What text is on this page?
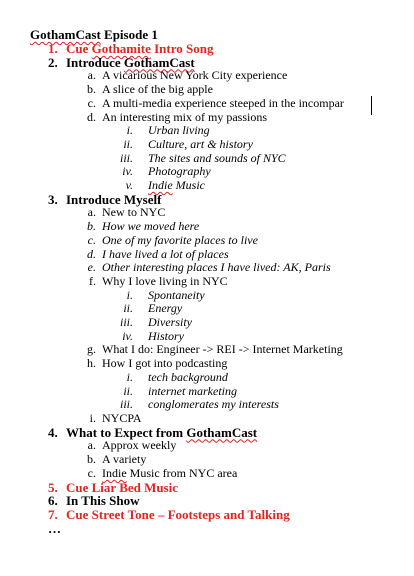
GothamCast Episode 1
1. Cue Gothamite Intro Song
2. Introduce GothamCast
a. A vicarious New York City experience
b. A slice of the big apple
c. A multi-media experience steeped in the incompar
d. An interesting mix of my passions
i. Urban living
ii. Culture, art & history
iii. The sites and sounds of NYC
iv. Photography
v. Indie Music
3. Introduce Myself
a. New to NYC
b. How we moved here
c. One of my favorite places to live
d. I have lived a lot of places
e. Other interesting places I have lived: AK, Paris
f. Why I love living in NYC
i. Spontaneity
ii. Energy
iii. Diversity
iv. History
g. What I do: Engineer -> REI -> Internet Marketing
h. How I got into podcasting
i. tech background
ii. internet marketing
iii. conglomerates my interests
i. NYCPA
4. What to Expect from GothamCast
a. Approx weekly
b. A variety
c. Indie Music from NYC area
5. Cue Liar Bed Music
6. In This Show
7. Cue Street Tone – Footsteps and Talking
…
